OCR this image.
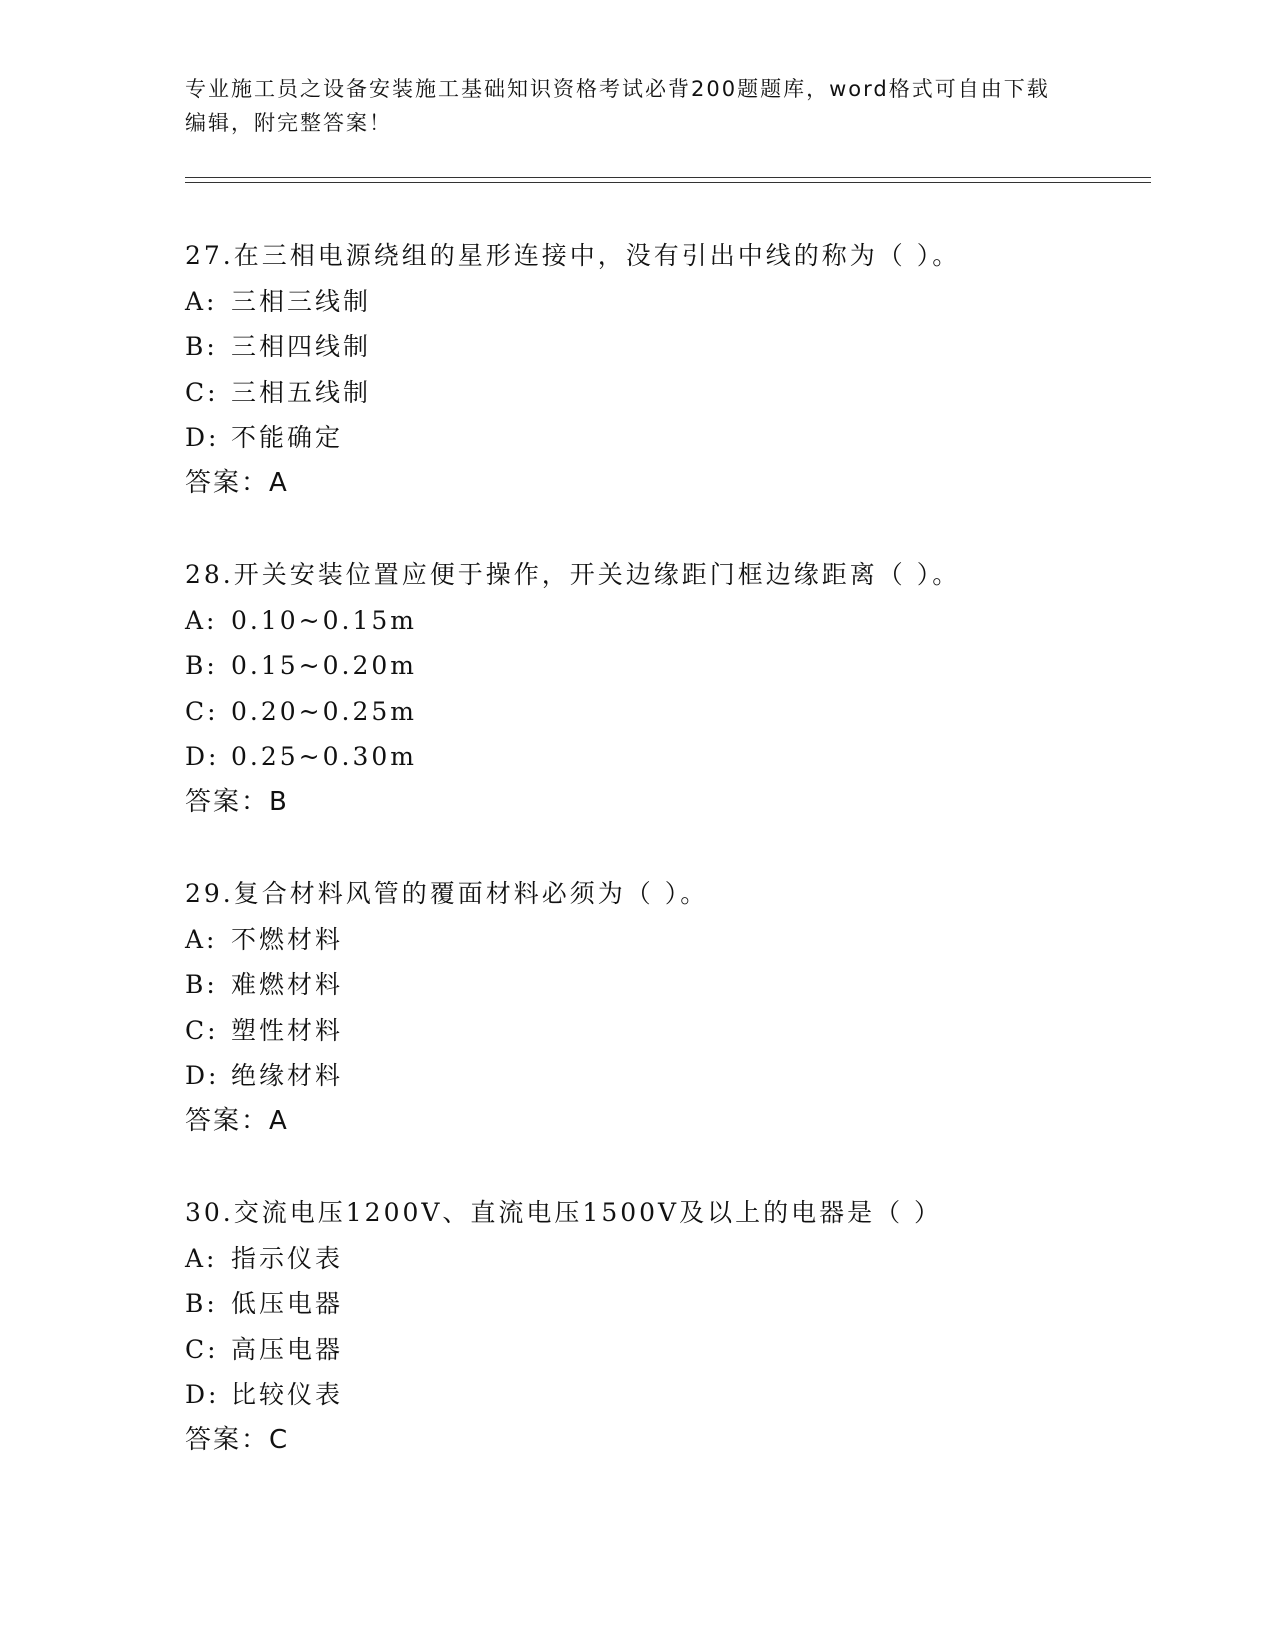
专业施工员之设备安装施工基础知识资格考试必背200题题库，word格式可自由下载编辑，附完整答案！
27.在三相电源绕组的星形连接中，没有引出中线的称为（ ）。
A: 三相三线制
B: 三相四线制
C: 三相五线制
D: 不能确定
答案：A
28.开关安装位置应便于操作，开关边缘距门框边缘距离（ ）。
A: 0.10~0.15m
B: 0.15~0.20m
C: 0.20~0.25m
D: 0.25~0.30m
答案：B
29.复合材料风管的覆面材料必须为（ ）。
A: 不燃材料
B: 难燃材料
C: 塑性材料
D: 绝缘材料
答案：A
30.交流电压1200V、直流电压1500V及以上的电器是（ ）
A: 指示仪表
B: 低压电器
C: 高压电器
D: 比较仪表
答案：C
